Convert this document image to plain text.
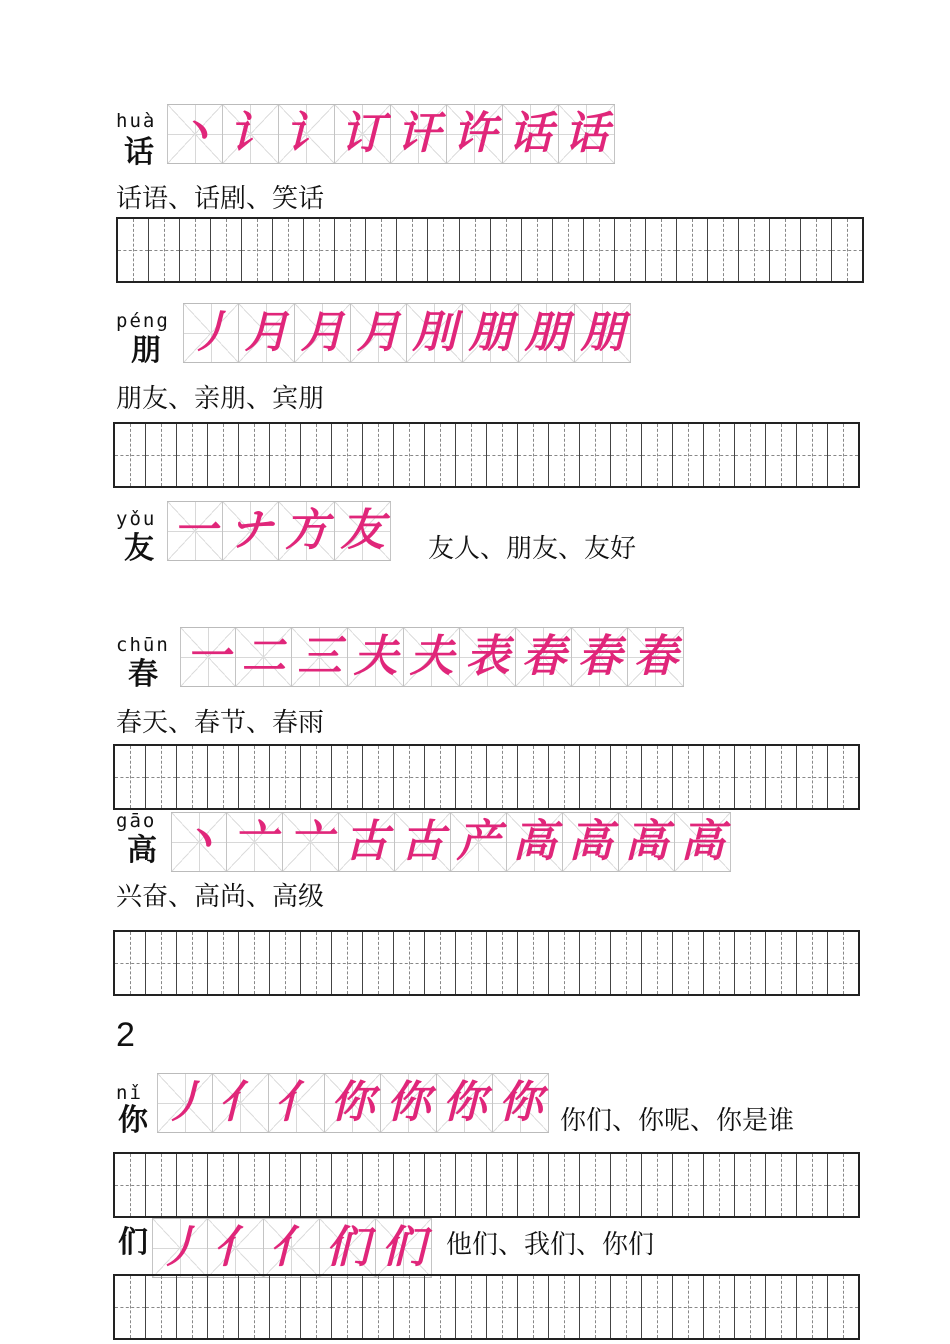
huà
话 丶 讠 讠 订 讦 许 话 话
话语、话剧、笑话
péng
朋 丿 月 月 月 刖 朋 朋 朋
朋友、亲朋、宾朋
yǒu
友 一 ナ 方 友 友人、朋友、友好
chūn
春 一 二 三 夫 夫 表 春 春 春
春天、春节、春雨
gāo
高 丶 亠 亠 古 古 产 高 高 高 高
兴奋、高尚、高级
2
nǐ
你 丿 亻 亻 你 你 你 你 你们、你呢、你是谁
们 丿 亻 亻 们 们 他们、我们、你们
